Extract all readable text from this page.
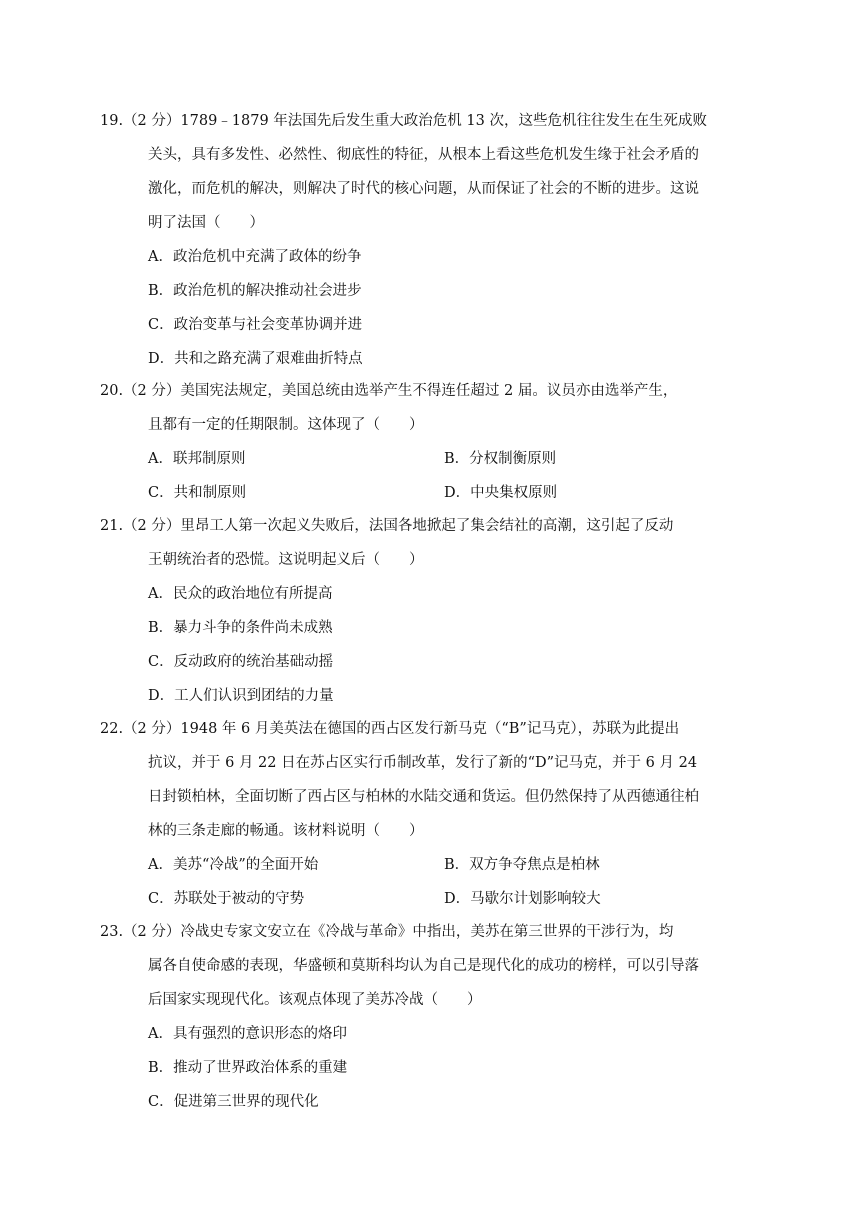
19.（2 分）1789﹣1879 年法国先后发生重大政治危机 13 次，这些危机往往发生在生死成败
关头，具有多发性、必然性、彻底性的特征，从根本上看这些危机发生缘于社会矛盾的
激化，而危机的解决，则解决了时代的核心问题，从而保证了社会的不断的进步。这说
明了法国（　　）
A．政治危机中充满了政体的纷争
B．政治危机的解决推动社会进步
C．政治变革与社会变革协调并进
D．共和之路充满了艰难曲折特点
20.（2 分）美国宪法规定，美国总统由选举产生不得连任超过 2 届。议员亦由选举产生，
且都有一定的任期限制。这体现了（　　）
A．联邦制原则	B．分权制衡原则
C．共和制原则	D．中央集权原则
21.（2 分）里昂工人第一次起义失败后，法国各地掀起了集会结社的高潮，这引起了反动
王朝统治者的恐慌。这说明起义后（　　）
A．民众的政治地位有所提高
B．暴力斗争的条件尚未成熟
C．反动政府的统治基础动摇
D．工人们认识到团结的力量
22.（2 分）1948 年 6 月美英法在德国的西占区发行新马克（“B”记马克），苏联为此提出
抗议，并于 6 月 22 日在苏占区实行币制改革，发行了新的“D”记马克，并于 6 月 24
日封锁柏林，全面切断了西占区与柏林的水陆交通和货运。但仍然保持了从西德通往柏
林的三条走廊的畅通。该材料说明（　　）
A．美苏“冷战”的全面开始	B．双方争夺焦点是柏林
C．苏联处于被动的守势	D．马歇尔计划影响较大
23.（2 分）冷战史专家文安立在《冷战与革命》中指出，美苏在第三世界的干涉行为，均
属各自使命感的表现，华盛顿和莫斯科均认为自己是现代化的成功的榜样，可以引导落
后国家实现现代化。该观点体现了美苏冷战（　　）
A．具有强烈的意识形态的烙印
B．推动了世界政治体系的重建
C．促进第三世界的现代化
